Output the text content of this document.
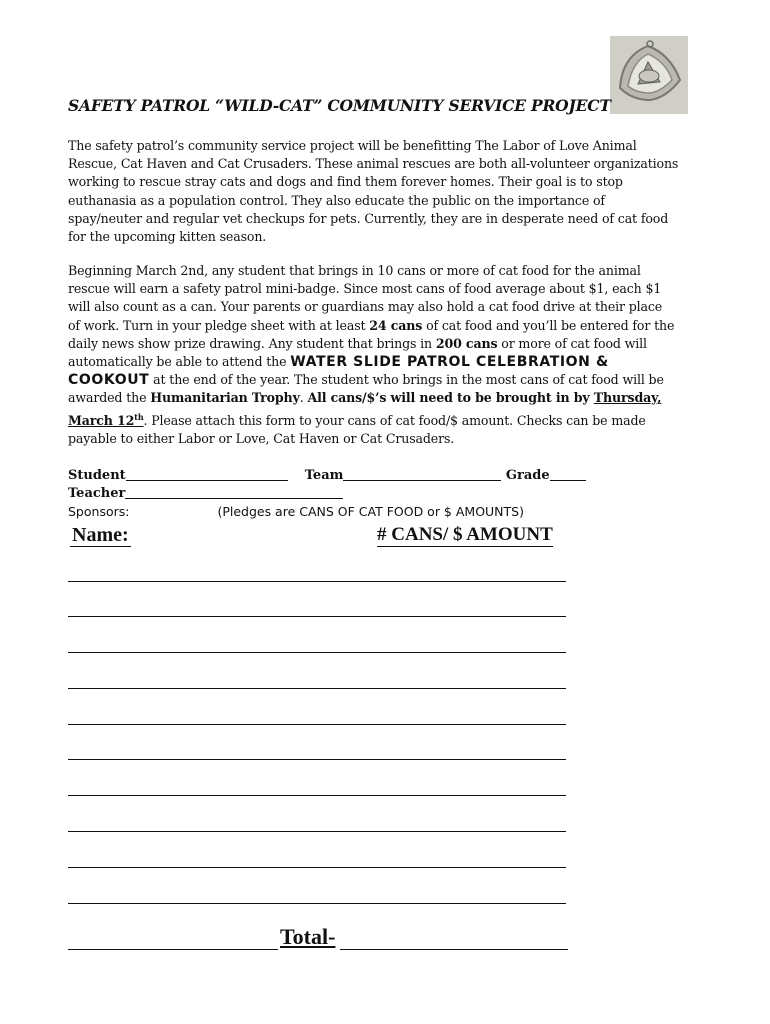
SAFETY PATROL “WILD-CAT” COMMUNITY SERVICE PROJECT
The safety patrol’s community service project will be benefitting The Labor of Love Animal
Rescue, Cat Haven and Cat Crusaders. These animal rescues are both all-volunteer organizations
working to rescue stray cats and dogs and find them forever homes. Their goal is to stop
euthanasia as a population control. They also educate the public on the importance of
spay/neuter and regular vet checkups for pets. Currently, they are in desperate need of cat food
for the upcoming kitten season.
Beginning March 2nd, any student that brings in 10 cans or more of cat food for the animal
rescue will earn a safety patrol mini-badge. Since most cans of food average about $1, each $1
will also count as a can. Your parents or guardians may also hold a cat food drive at their place
of work. Turn in your pledge sheet with at least 24 cans of cat food and you’ll be entered for the
daily news show prize drawing. Any student that brings in 200 cans or more of cat food will
automatically be able to attend the WATER SLIDE PATROL CELEBRATION &
COOKOUT at the end of the year. The student who brings in the most cans of cat food will be
awarded the Humanitarian Trophy. All cans/$’s will need to be brought in by Thursday,
March 12th. Please attach this form to your cans of cat food/$ amount. Checks can be made
payable to either Labor or Love, Cat Haven or Cat Crusaders.
Student	Team	Grade
Teacher
Sponsors:	(Pledges are CANS OF CAT FOOD or $ AMOUNTS)
Name:	# CANS/ $ AMOUNT
Total-
